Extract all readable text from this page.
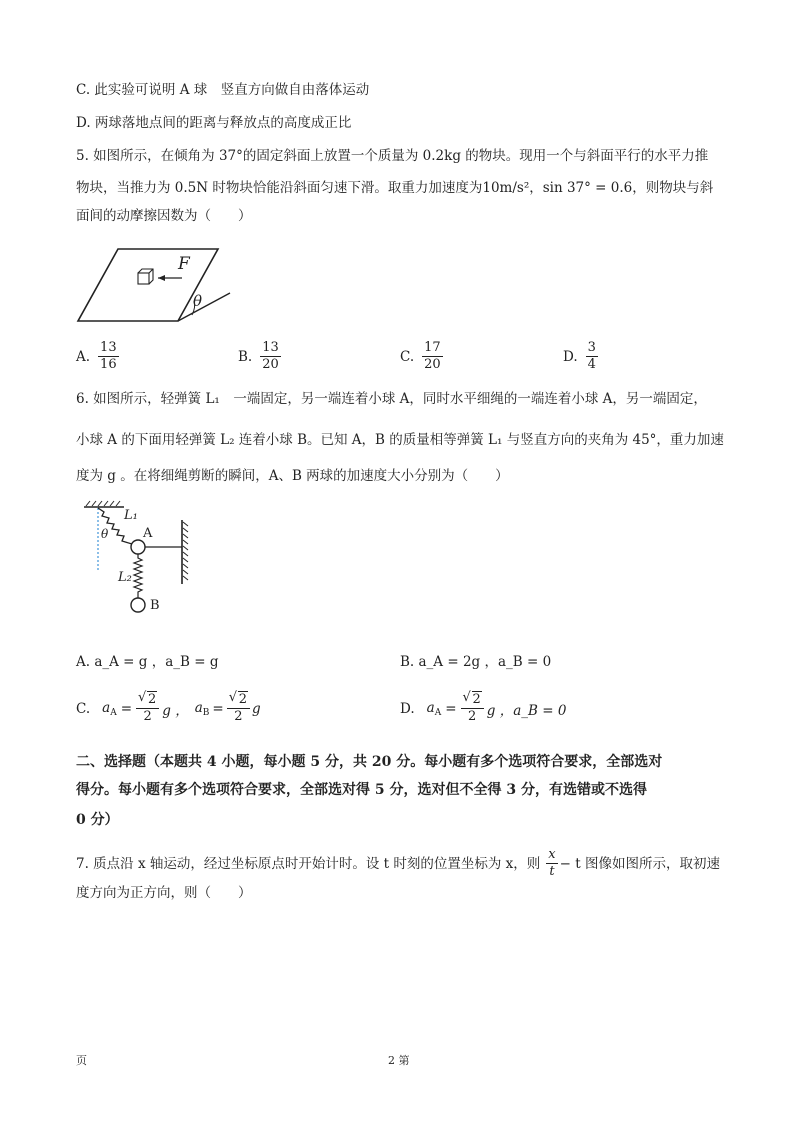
C. 此实验可说明 A 球　竖直方向做自由落体运动
D. 两球落地点间的距离与释放点的高度成正比
5. 如图所示，在倾角为 37°的固定斜面上放置一个质量为 0.2kg 的物块。现用一个与斜面平行的水平力推
物块，当推力为 0.5N 时物块恰能沿斜面匀速下滑。取重力加速度为10m/s²，sin 37° = 0.6，则物块与斜
面间的动摩擦因数为（　　）
F
θ
A. $\frac{13}{16}$	B. $\frac{13}{20}$	C. $\frac{17}{20}$	D. $\frac{3}{4}$
6. 如图所示，轻弹簧 L₁　一端固定，另一端连着小球 A，同时水平细绳的一端连着小球 A，另一端固定，
小球 A 的下面用轻弹簧 L₂ 连着小球 B。已知 A，B 的质量相等弹簧 L₁ 与竖直方向的夹角为 45°，重力加速
度为 g 。在将细绳剪断的瞬间，A、B 两球的加速度大小分别为（　　）
L₁
A
θ
L₂
B
A. a_A = g ，a_B = g	B. a_A = 2g ，a_B = 0
C. $a_A$ = √ $\frac{2}{2}$ g ， $a_B$ = √ $\frac{2}{2}$ g	D. $a_A$ = √ $\frac{2}{2}$ g ，a_B = 0
二、选择题（本题共 4 小题，每小题 5 分，共 20 分。每小题有多个选项符合要求，全部选对
得分。每小题有多个选项符合要求，全部选对得 5 分，选对但不全得 3 分，有选错或不选得
0 分）
7. 质点沿 x 轴运动，经过坐标原点时开始计时。设 t 时刻的位置坐标为 x，则 $\frac{x}{t} - t$ 图像如图所示，取初速
度方向为正方向，则（　　）
页	2 第
